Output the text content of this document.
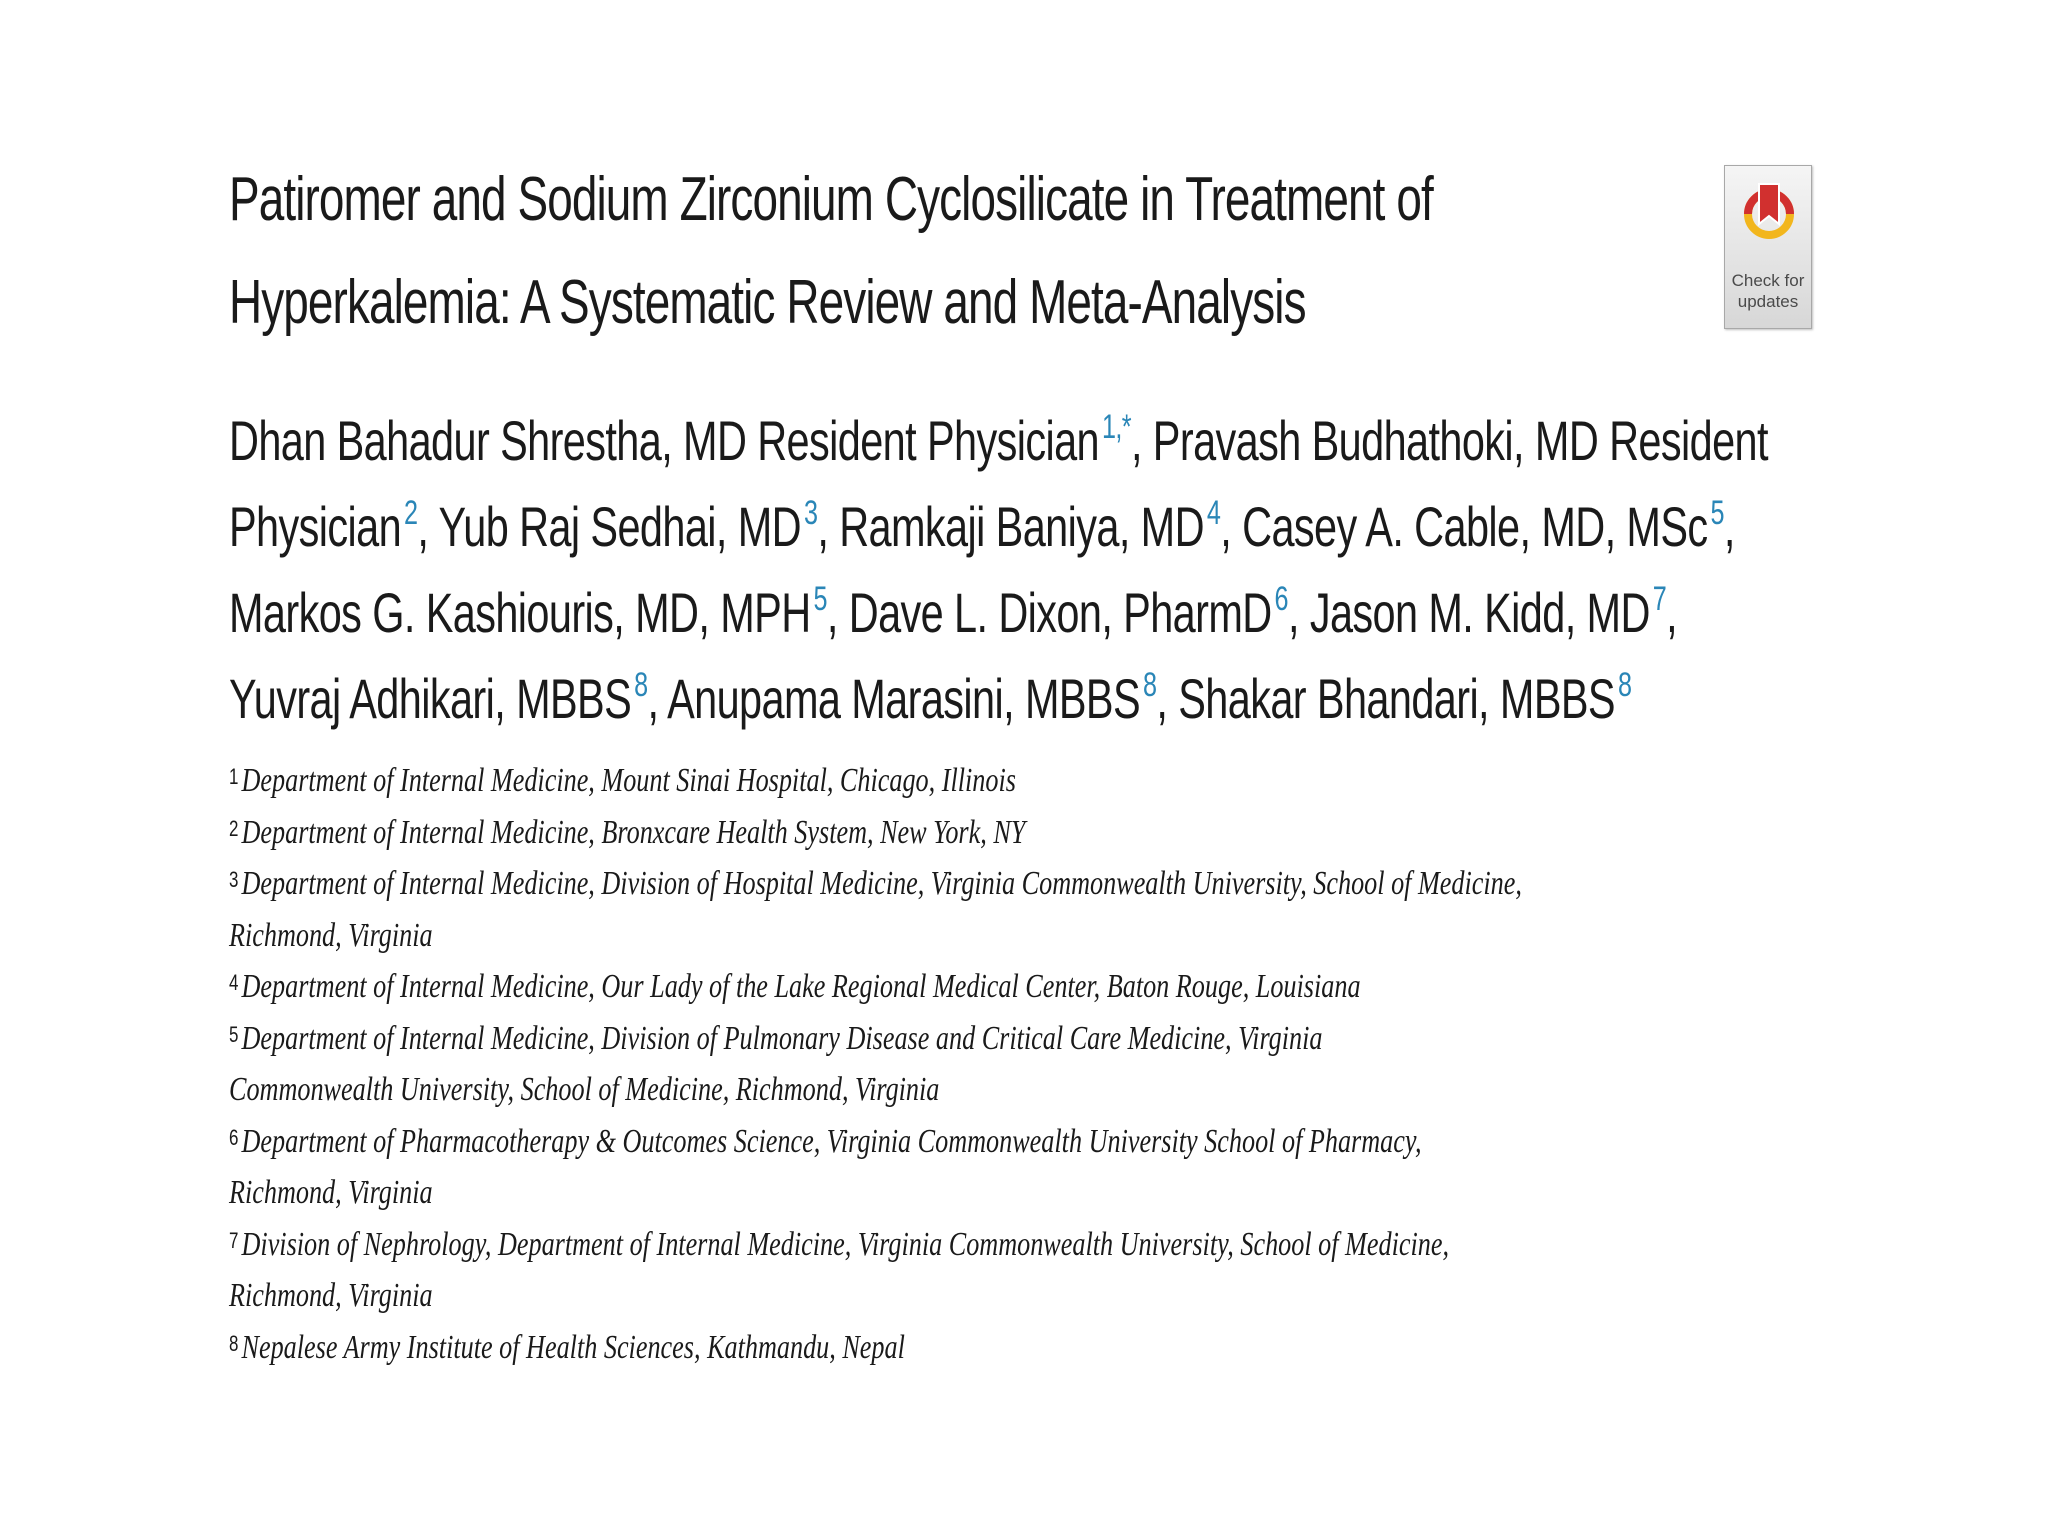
Patiromer and Sodium Zirconium Cyclosilicate in Treatment of
Hyperkalemia: A Systematic Review and Meta-Analysis	Check for
updates

Dhan Bahadur Shrestha, MD Resident Physician$^{1,*}$, Pravash Budhathoki, MD Resident
Physician$^2$, Yub Raj Sedhai, MD$^3$, Ramkaji Baniya, MD$^4$, Casey A. Cable, MD, MSc$^5$,
Markos G. Kashiouris, MD, MPH$^5$, Dave L. Dixon, PharmD$^6$, Jason M. Kidd, MD$^7$,
Yuvraj Adhikari, MBBS$^8$, Anupama Marasini, MBBS$^8$, Shakar Bhandari, MBBS$^8$

$^1$Department of Internal Medicine, Mount Sinai Hospital, Chicago, Illinois
$^2$Department of Internal Medicine, Bronxcare Health System, New York, NY
$^3$Department of Internal Medicine, Division of Hospital Medicine, Virginia Commonwealth University, School of Medicine, Richmond, Virginia
$^4$Department of Internal Medicine, Our Lady of the Lake Regional Medical Center, Baton Rouge, Louisiana
$^5$Department of Internal Medicine, Division of Pulmonary Disease and Critical Care Medicine, Virginia Commonwealth University, School of Medicine, Richmond, Virginia
$^6$Department of Pharmacotherapy & Outcomes Science, Virginia Commonwealth University School of Pharmacy, Richmond, Virginia
$^7$Division of Nephrology, Department of Internal Medicine, Virginia Commonwealth University, School of Medicine, Richmond, Virginia
$^8$Nepalese Army Institute of Health Sciences, Kathmandu, Nepal
